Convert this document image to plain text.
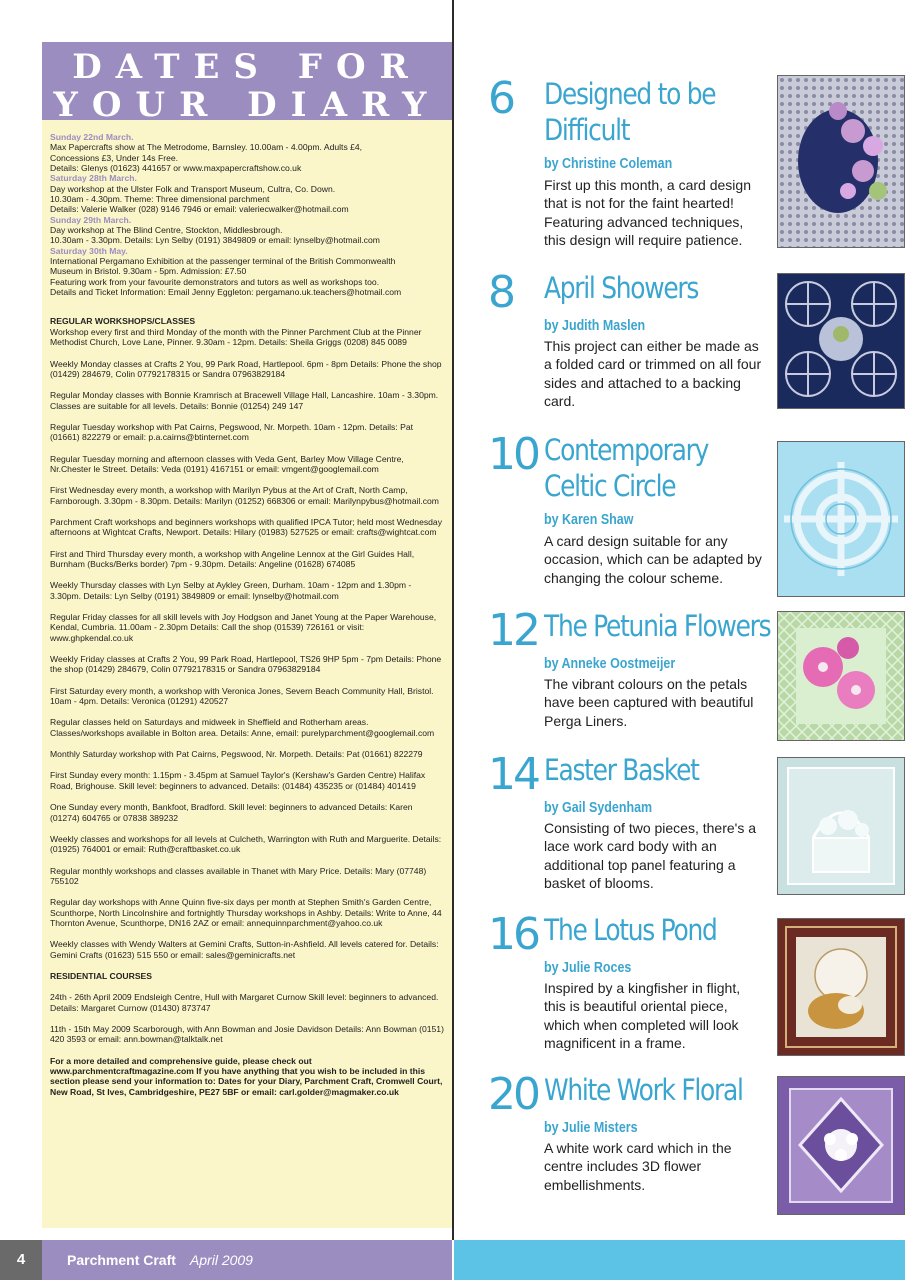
DATES FOR
YOUR DIARY
Sunday 22nd March.
Max Papercrafts show at The Metrodome, Barnsley. 10.00am - 4.00pm. Adults £4,
Concessions £3, Under 14s Free.
Details: Glenys (01623) 441657 or www.maxpapercraftshow.co.uk
Saturday 28th March.
Day workshop at the Ulster Folk and Transport Museum, Cultra, Co. Down.
10.30am - 4.30pm. Theme: Three dimensional parchment
Details: Valerie Walker (028) 9146 7946 or email: valeriecwalker@hotmail.com
Sunday 29th March.
Day workshop at The Blind Centre, Stockton, Middlesbrough.
10.30am - 3.30pm. Details: Lyn Selby (0191) 3849809 or email: lynselby@hotmail.com
Saturday 30th May.
International Pergamano Exhibition at the passenger terminal of the British Commonwealth
Museum in Bristol. 9.30am - 5pm. Admission: £7.50
Featuring work from your favourite demonstrators and tutors as well as workshops too.
Details and Ticket Information: Email Jenny Eggleton: pergamano.uk.teachers@hotmail.com
REGULAR WORKSHOPS/CLASSES
Workshop every first and third Monday of the month with the Pinner Parchment Club at the Pinner Methodist Church, Love Lane, Pinner. 9.30am - 12pm. Details: Sheila Griggs (0208) 845 0089
Weekly Monday classes at Crafts 2 You, 99 Park Road, Hartlepool. 6pm - 8pm Details: Phone the shop (01429) 284679, Colin 07792178315 or Sandra 07963829184
Regular Monday classes with Bonnie Kramrisch at Bracewell Village Hall, Lancashire. 10am - 3.30pm. Classes are suitable for all levels. Details: Bonnie (01254) 249 147
Regular Tuesday workshop with Pat Cairns, Pegswood, Nr. Morpeth. 10am - 12pm. Details: Pat (01661) 822279 or email: p.a.cairns@btinternet.com
Regular Tuesday morning and afternoon classes with Veda Gent, Barley Mow Village Centre, Nr.Chester le Street. Details: Veda (0191) 4167151 or email: vmgent@googlemail.com
First Wednesday every month, a workshop with Marilyn Pybus at the Art of Craft, North Camp, Farnborough. 3.30pm - 8.30pm. Details: Marilyn (01252) 668306 or email: Marilynpybus@hotmail.com
Parchment Craft workshops and beginners workshops with qualified IPCA Tutor; held most Wednesday afternoons at Wightcat Crafts, Newport. Details: Hilary (01983) 527525 or email: crafts@wightcat.com
First and Third Thursday every month, a workshop with Angeline Lennox at the Girl Guides Hall, Burnham (Bucks/Berks border) 7pm - 9.30pm. Details: Angeline (01628) 674085
Weekly Thursday classes with Lyn Selby at Aykley Green, Durham. 10am - 12pm and 1.30pm - 3.30pm. Details: Lyn Selby (0191) 3849809 or email: lynselby@hotmail.com
Regular Friday classes for all skill levels with Joy Hodgson and Janet Young at the Paper Warehouse, Kendal, Cumbria. 11.00am - 2.30pm Details: Call the shop (01539) 726161 or visit: www.ghpkendal.co.uk
Weekly Friday classes at Crafts 2 You, 99 Park Road, Hartlepool, TS26 9HP 5pm - 7pm Details: Phone the shop (01429) 284679, Colin 07792178315 or Sandra 07963829184
First Saturday every month, a workshop with Veronica Jones, Severn Beach Community Hall, Bristol. 10am - 4pm. Details: Veronica (01291) 420527
Regular classes held on Saturdays and midweek in Sheffield and Rotherham areas. Classes/workshops available in Bolton area. Details: Anne, email: purelyparchment@googlemail.com
Monthly Saturday workshop with Pat Cairns, Pegswood, Nr. Morpeth. Details: Pat (01661) 822279
First Sunday every month: 1.15pm - 3.45pm at Samuel Taylor's (Kershaw's Garden Centre) Halifax Road, Brighouse. Skill level: beginners to advanced. Details: (01484) 435235 or (01484) 401419
One Sunday every month, Bankfoot, Bradford. Skill level: beginners to advanced Details: Karen (01274) 604765 or 07838 389232
Weekly classes and workshops for all levels at Culcheth, Warrington with Ruth and Marguerite. Details: (01925) 764001 or email: Ruth@craftbasket.co.uk
Regular monthly workshops and classes available in Thanet with Mary Price. Details: Mary (07748) 755102
Regular day workshops with Anne Quinn five-six days per month at Stephen Smith's Garden Centre, Scunthorpe, North Lincolnshire and fortnightly Thursday workshops in Ashby. Details: Write to Anne, 44 Thornton Avenue, Scunthorpe, DN16 2AZ or email: annequinnparchment@yahoo.co.uk
Weekly classes with Wendy Walters at Gemini Crafts, Sutton-in-Ashfield. All levels catered for. Details: Gemini Crafts (01623) 515 550 or email: sales@geminicrafts.net
RESIDENTIAL COURSES
24th - 26th April 2009 Endsleigh Centre, Hull with Margaret Curnow Skill level: beginners to advanced. Details: Margaret Curnow (01430) 873747
11th - 15th May 2009 Scarborough, with Ann Bowman and Josie Davidson Details: Ann Bowman (0151) 420 3593 or email: ann.bowman@talktalk.net
For a more detailed and comprehensive guide, please check out www.parchmentcraftmagazine.com If you have anything that you wish to be included in this section please send your information to: Dates for your Diary, Parchment Craft, Cromwell Court, New Road, St Ives, Cambridgeshire, PE27 5BF or email: carl.golder@magmaker.co.uk
6 Designed to be
Difficult
by Christine Coleman
First up this month, a card design that is not for the faint hearted! Featuring advanced techniques, this design will require patience.
8 April Showers
by Judith Maslen
This project can either be made as a folded card or trimmed on all four sides and attached to a backing card.
10 Contemporary
Celtic Circle
by Karen Shaw
A card design suitable for any occasion, which can be adapted by changing the colour scheme.
12 The Petunia Flowers
by Anneke Oostmeijer
The vibrant colours on the petals have been captured with beautiful Perga Liners.
14 Easter Basket
by Gail Sydenham
Consisting of two pieces, there's a lace work card body with an additional top panel featuring a basket of blooms.
16 The Lotus Pond
by Julie Roces
Inspired by a kingfisher in flight, this is beautiful oriental piece, which when completed will look magnificent in a frame.
20 White Work Floral
by Julie Misters
A white work card which in the centre includes 3D flower embellishments.
4	Parchment Craft April 2009
